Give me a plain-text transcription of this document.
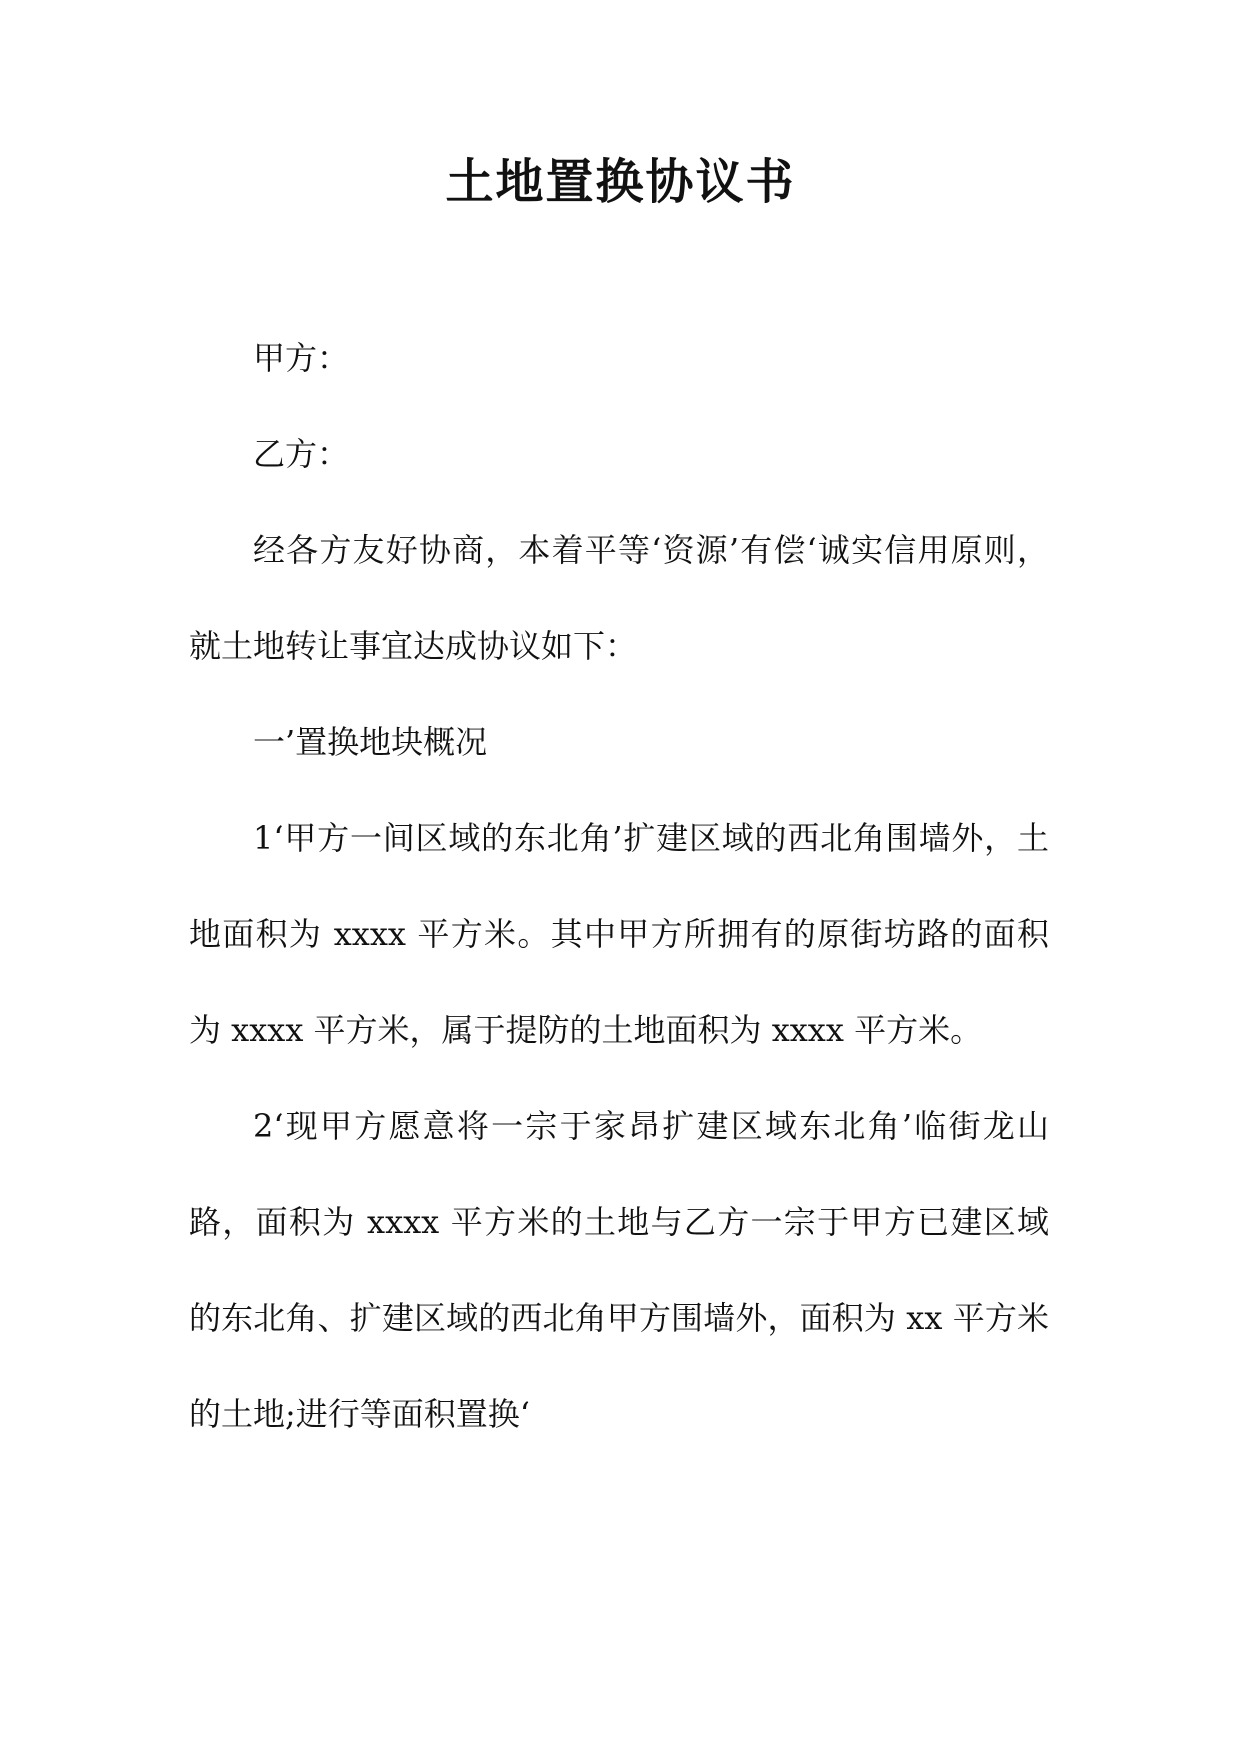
土地置换协议书

甲方：

乙方：

经各方友好协商，本着平等‘资源’有偿‘诚实信用原则，就土地转让事宜达成协议如下：

一’置换地块概况

1‘甲方一间区域的东北角’扩建区域的西北角围墙外，土地面积为 xxxx 平方米。其中甲方所拥有的原街坊路的面积为 xxxx 平方米，属于提防的土地面积为 xxxx 平方米。

2‘现甲方愿意将一宗于家昂扩建区域东北角’临街龙山路，面积为 xxxx 平方米的土地与乙方一宗于甲方已建区域的东北角、扩建区域的西北角甲方围墙外，面积为 xx 平方米的土地;进行等面积置换‘
